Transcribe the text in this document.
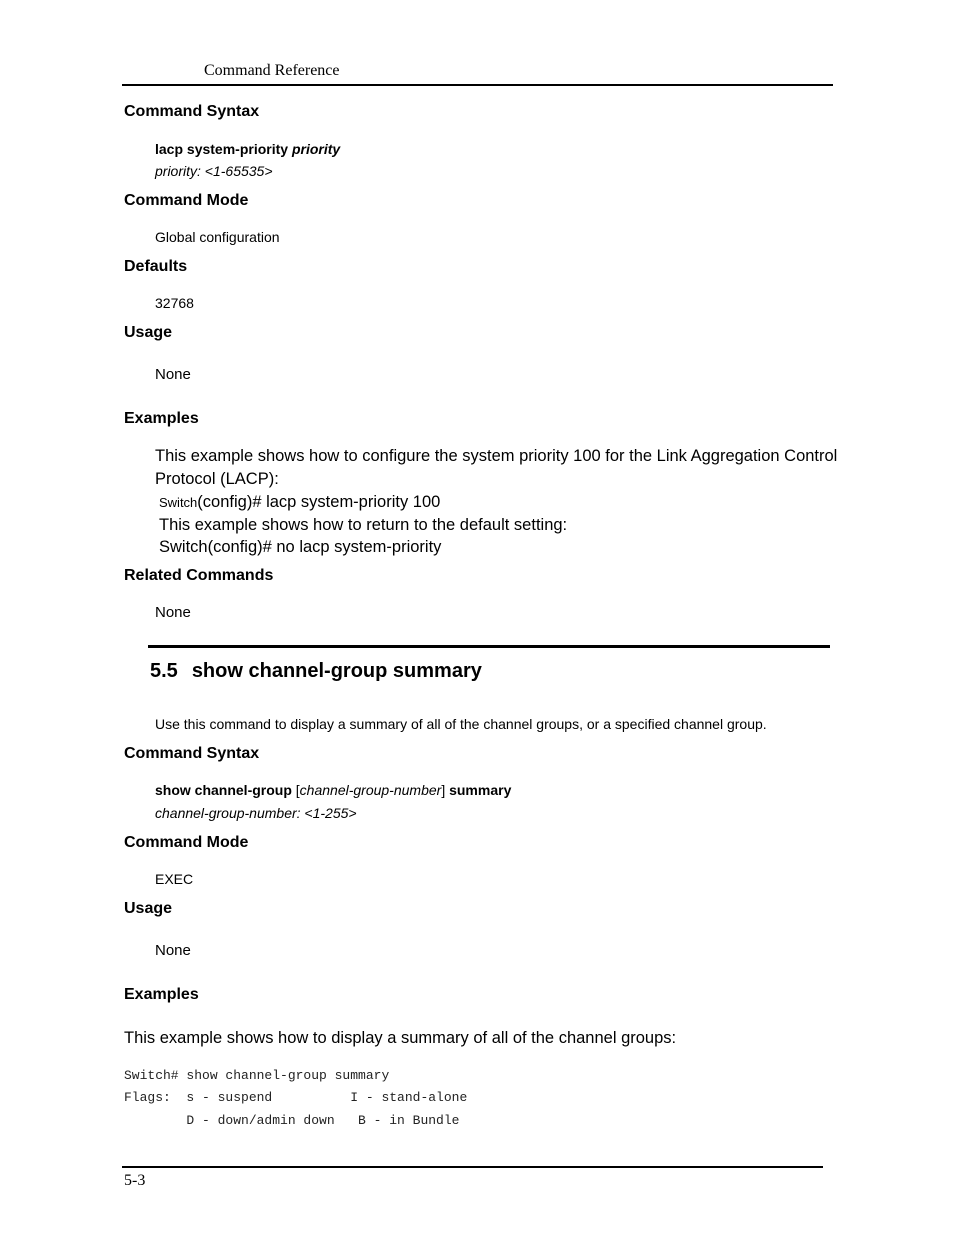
Command Reference
Command Syntax
lacp system-priority priority
priority: <1-65535>
Command Mode
Global configuration
Defaults
32768
Usage
None
Examples
This example shows how to configure the system priority 100 for the Link Aggregation Control
Protocol (LACP):
Switch(config)# lacp system-priority 100
This example shows how to return to the default setting:
Switch(config)# no lacp system-priority
Related Commands
None
5.5 show channel-group summary
Use this command to display a summary of all of the channel groups, or a specified channel group.
Command Syntax
show channel-group [channel-group-number] summary
channel-group-number: <1-255>
Command Mode
EXEC
Usage
None
Examples
This example shows how to display a summary of all of the channel groups:
Switch# show channel-group summary
Flags:  s - suspend          I - stand-alone
D - down/admin down   B - in Bundle
5-3
